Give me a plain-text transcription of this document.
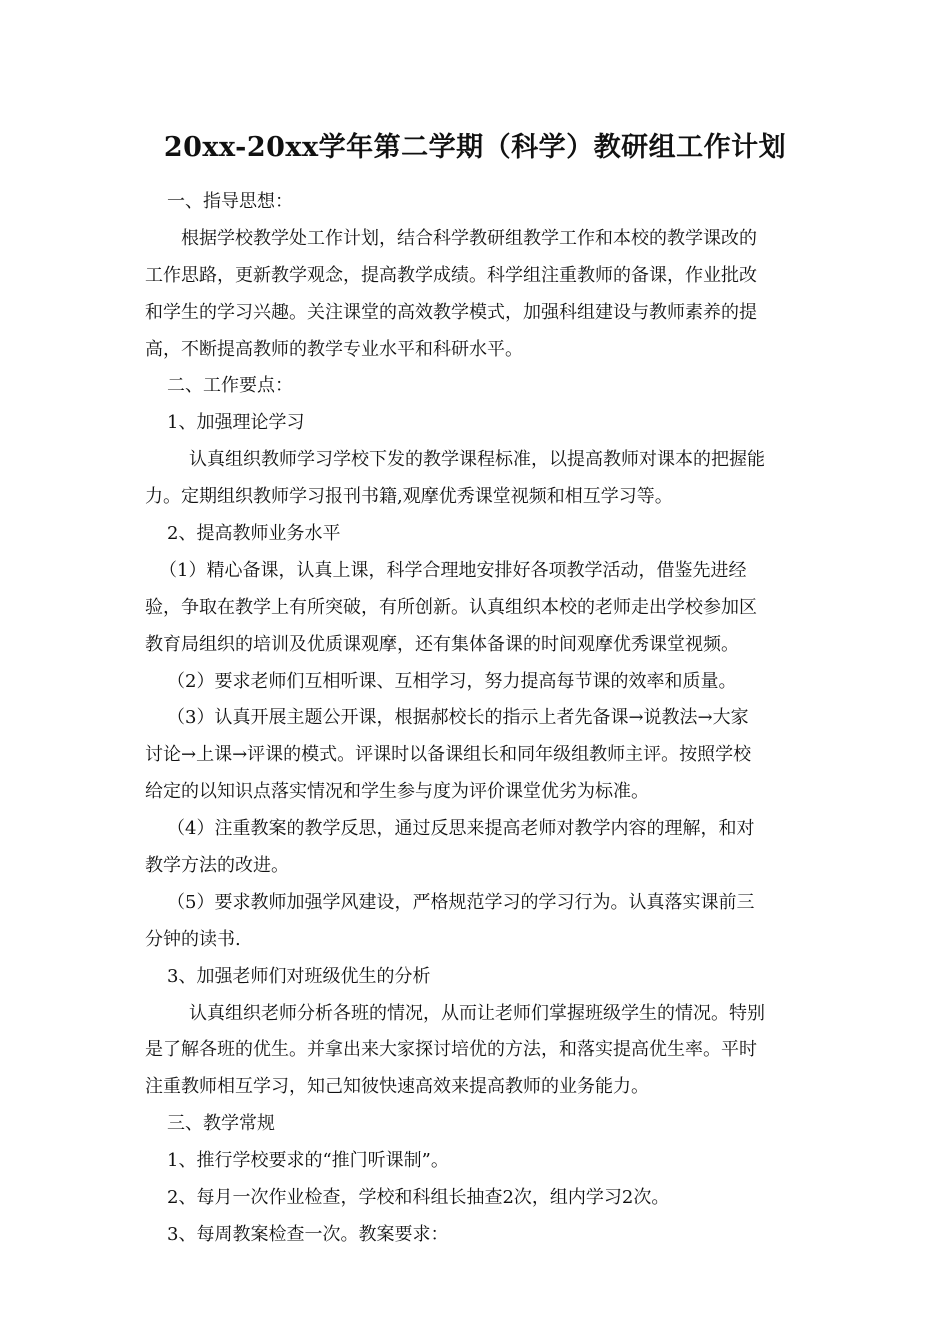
20xx-20xx学年第二学期（科学）教研组工作计划
一、指导思想：
根据学校教学处工作计划，结合科学教研组教学工作和本校的教学课改的
工作思路，更新教学观念，提高教学成绩。科学组注重教师的备课，作业批改
和学生的学习兴趣。关注课堂的高效教学模式，加强科组建设与教师素养的提
高，不断提高教师的教学专业水平和科研水平。
二、工作要点：
1、加强理论学习
认真组织教师学习学校下发的教学课程标准，以提高教师对课本的把握能
力。定期组织教师学习报刊书籍,观摩优秀课堂视频和相互学习等。
2、提高教师业务水平
（1）精心备课，认真上课，科学合理地安排好各项教学活动，借鉴先进经
验，争取在教学上有所突破，有所创新。认真组织本校的老师走出学校参加区
教育局组织的培训及优质课观摩，还有集体备课的时间观摩优秀课堂视频。
（2）要求老师们互相听课、互相学习，努力提高每节课的效率和质量。
（3）认真开展主题公开课，根据郝校长的指示上者先备课→说教法→大家
讨论→上课→评课的模式。评课时以备课组长和同年级组教师主评。按照学校
给定的以知识点落实情况和学生参与度为评价课堂优劣为标准。
（4）注重教案的教学反思，通过反思来提高老师对教学内容的理解，和对
教学方法的改进。
（5）要求教师加强学风建设，严格规范学习的学习行为。认真落实课前三
分钟的读书.
3、加强老师们对班级优生的分析
认真组织老师分析各班的情况，从而让老师们掌握班级学生的情况。特别
是了解各班的优生。并拿出来大家探讨培优的方法，和落实提高优生率。平时
注重教师相互学习，知己知彼快速高效来提高教师的业务能力。
三、教学常规
1、推行学校要求的“推门听课制”。
2、每月一次作业检查，学校和科组长抽查2次，组内学习2次。
3、每周教案检查一次。教案要求：
